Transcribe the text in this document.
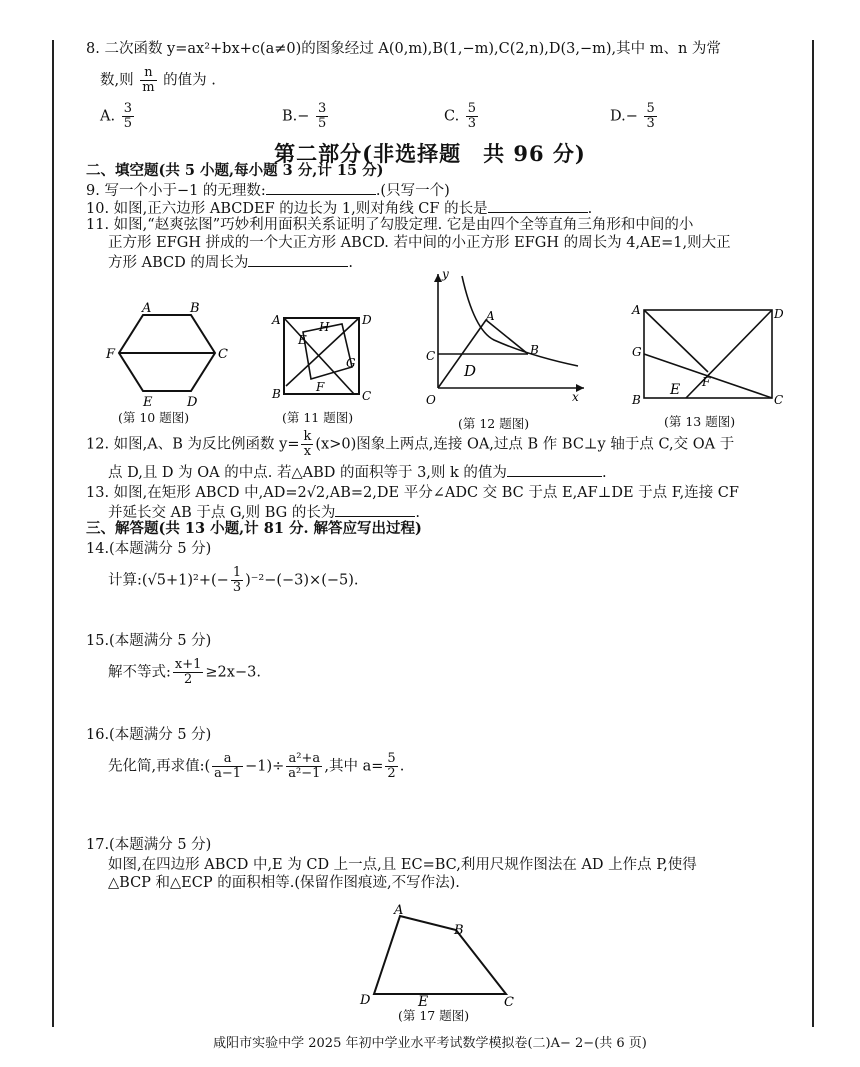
8. 二次函数 y=ax²+bx+c(a≠0)的图象经过 A(0,m),B(1,−m),C(2,n),D(3,−m),其中 m、n 为常
数,则 $\frac{n}{m}$ 的值为 .
A. $\frac{3}{5}$	$B.- \frac{3}{5}$	C. $\frac{5}{3}$	$D.- \frac{5}{3}$
第二部分(非选择题　共 96 分)
二、填空题(共 5 小题,每小题 3 分,计 15 分)
9. 写一个小于−1 的无理数:	.(只写一个)
10. 如图,正六边形 ABCDEF 的边长为 1,则对角线 CF 的长是	.
11. 如图,“赵爽弦图”巧妙利用面积关系证明了勾股定理. 它是由四个全等直角三角形和中间的小
正方形 EFGH 拼成的一个大正方形 ABCD. 若中间的小正方形 EFGH 的周长为 4,AE=1,则大正
方形 ABCD 的周长为	.
A	B
C
D
E
F
A	D
H
E
G
F
B	C
y
A
C	B
D
O	x
A	D
G
E F
B	C
(第 10 题图)	(第 11 题图)	(第 12 题图)	(第 13 题图)
12. 如图,A、B 为反比例函数 $y= \frac{k}{x} (x>0)$图象上两点,连接 OA,过点 B 作 BC⊥y 轴于点 C,交 OA 于
点 D,且 D 为 OA 的中点. 若△ABD 的面积等于 3,则 k 的值为	.
13. 如图,在矩形 ABCD 中,AD=2√2,AB=2,DE 平分∠ADC 交 BC 于点 E,AF⊥DE 于点 F,连接 CF
并延长交 AB 于点 G,则 BG 的长为	.
三、解答题(共 13 小题,计 81 分. 解答应写出过程)
14.(本题满分 5 分)
计算:(√5+1)²+(− $\frac{1}{3} )^{-2}-(-3)\times(-5)$.
15.(本题满分 5 分)
解不等式: $\frac{x+1}{2} \ge 2x-3$.
16.(本题满分 5 分)
先化简,再求值:( $\frac{a}{a-1} -1)\div \frac{\text{a²+a}}{\text{a²−1}}$ ,其中 $a= \frac{5}{2}$ .
17.(本题满分 5 分)
如图,在四边形 ABCD 中,E 为 CD 上一点,且 EC=BC,利用尺规作图法在 AD 上作点 P,使得
△BCP 和△ECP 的面积相等.(保留作图痕迹,不写作法).
A
B
D	E	C
(第 17 题图)
咸阳市实验中学 2025 年初中学业水平考试数学模拟卷(二)A− 2−(共 6 页)
